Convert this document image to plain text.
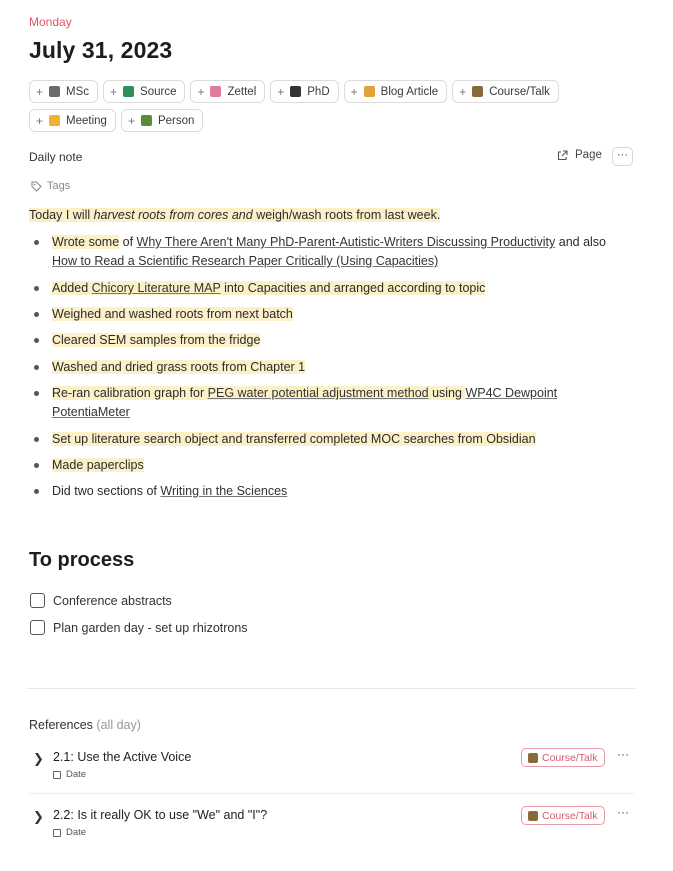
Monday
July 31, 2023
+ MSc + Source + Zettel + PhD + Blog Article + Course/Talk
+ Meeting + Person
Daily note	Page	···
Tags
Today I will harvest roots from cores and weigh/wash roots from last week.
Wrote some of Why There Aren't Many PhD-Parent-Autistic-Writers Discussing Productivity and also How to Read a Scientific Research Paper Critically (Using Capacities)
Added Chicory Literature MAP into Capacities and arranged according to topic
Weighed and washed roots from next batch
Cleared SEM samples from the fridge
Washed and dried grass roots from Chapter 1
Re-ran calibration graph for PEG water potential adjustment method using WP4C Dewpoint PotentiaMeter
Set up literature search object and transferred completed MOC searches from Obsidian
Made paperclips
Did two sections of Writing in the Sciences
To process
Conference abstracts
Plan garden day - set up rhizotrons
References (all day)
❯ 2.1: Use the Active Voice
Date
Course/Talk ···
❯ 2.2: Is it really OK to use "We" and "I"?
Date
Course/Talk ···
